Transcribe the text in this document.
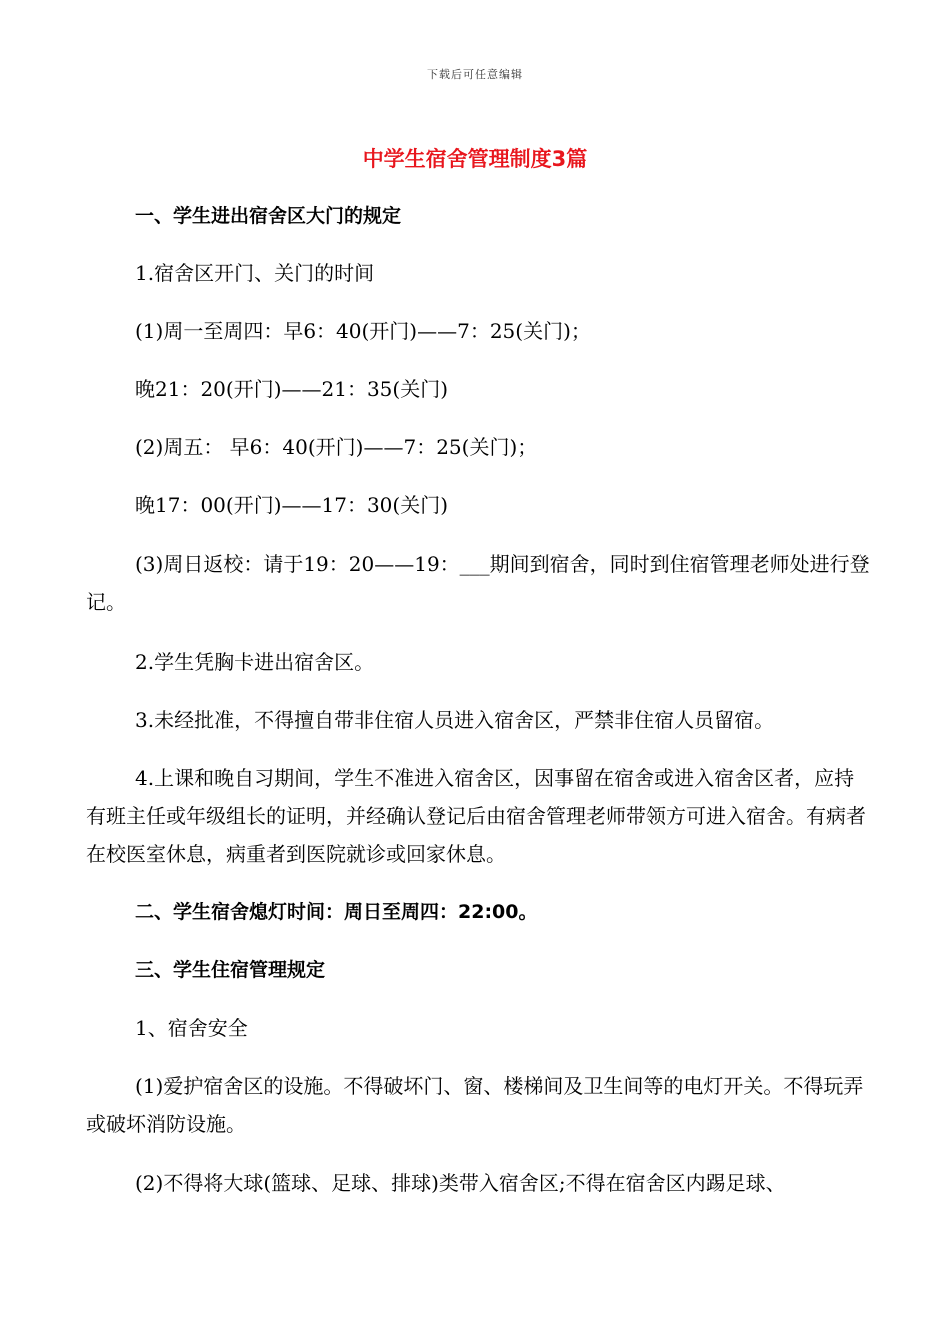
下载后可任意编辑
中学生宿舍管理制度3篇
一、学生进出宿舍区大门的规定
1.宿舍区开门、关门的时间
(1)周一至周四：早6：40(开门)——7：25(关门)；
晚21：20(开门)——21：35(关门)
(2)周五： 早6：40(开门)——7：25(关门)；
晚17：00(开门)——17：30(关门)
(3)周日返校：请于19：20——19：___期间到宿舍，同时到住宿管理老师处进行登记。
2.学生凭胸卡进出宿舍区。
3.未经批准，不得擅自带非住宿人员进入宿舍区，严禁非住宿人员留宿。
4.上课和晚自习期间，学生不准进入宿舍区，因事留在宿舍或进入宿舍区者，应持有班主任或年级组长的证明，并经确认登记后由宿舍管理老师带领方可进入宿舍。有病者在校医室休息，病重者到医院就诊或回家休息。
二、学生宿舍熄灯时间：周日至周四：22:00。
三、学生住宿管理规定
1、宿舍安全
(1)爱护宿舍区的设施。不得破坏门、窗、楼梯间及卫生间等的电灯开关。不得玩弄或破坏消防设施。
(2)不得将大球(篮球、足球、排球)类带入宿舍区;不得在宿舍区内踢足球、
